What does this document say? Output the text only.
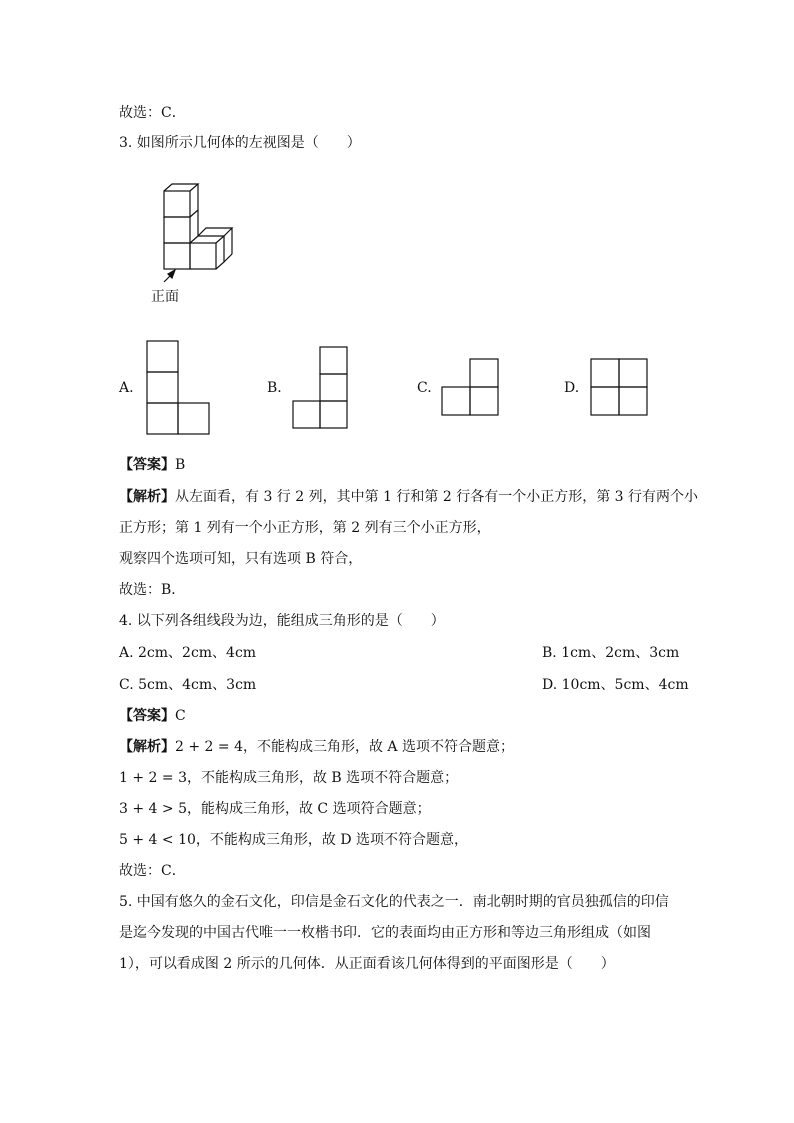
故选：C．
3. 如图所示几何体的左视图是（　　）
正面
A.	B.	C.	D.
【答案】B
【解析】从左面看，有 3 行 2 列，其中第 1 行和第 2 行各有一个小正方形，第 3 行有两个小
正方形；第 1 列有一个小正方形，第 2 列有三个小正方形，
观察四个选项可知，只有选项 B 符合，
故选：B．
4. 以下列各组线段为边，能组成三角形的是（　　）
A. 2cm、2cm、4cm	B. 1cm、2cm、3cm
C. 5cm、4cm、3cm	D. 10cm、5cm、4cm
【答案】C
【解析】2 + 2 = 4，不能构成三角形，故 A 选项不符合题意；
1 + 2 = 3，不能构成三角形，故 B 选项不符合题意；
3 + 4 > 5，能构成三角形，故 C 选项符合题意；
5 + 4 < 10，不能构成三角形，故 D 选项不符合题意，
故选：C．
5. 中国有悠久的金石文化，印信是金石文化的代表之一．南北朝时期的官员独孤信的印信
是迄今发现的中国古代唯一一枚楷书印．它的表面均由正方形和等边三角形组成（如图
1），可以看成图 2 所示的几何体．从正面看该几何体得到的平面图形是（　　）
